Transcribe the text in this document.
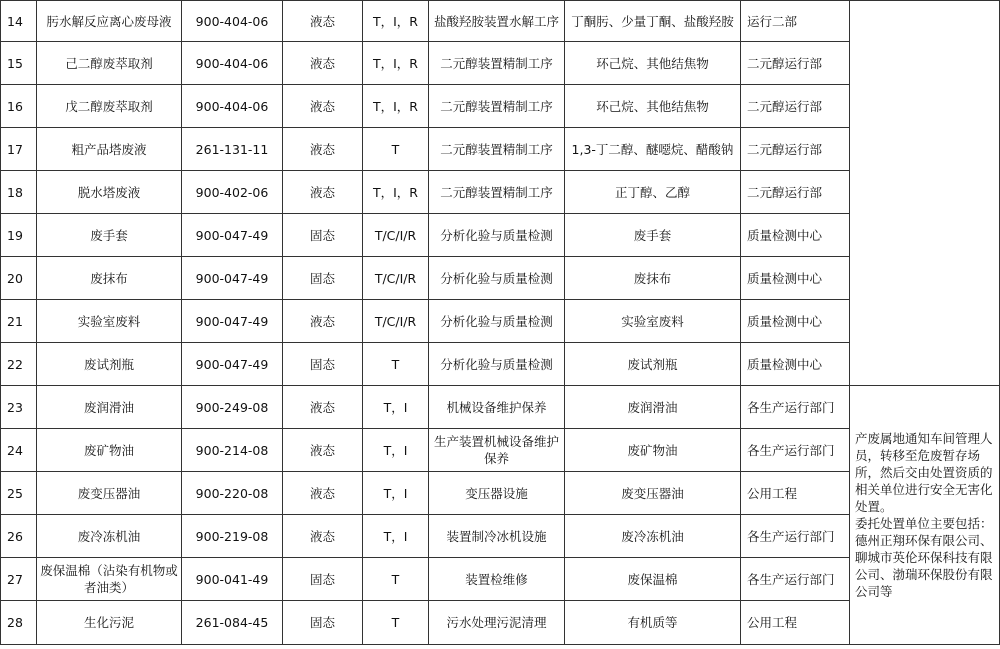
14	肟水解反应离心废母液	900-404-06	液态	T，I，R	盐酸羟胺装置水解工序	丁酮肟、少量丁酮、盐酸羟胺	运行二部	
15	己二醇废萃取剂	900-404-06	液态	T，I，R	二元醇装置精制工序	环己烷、其他结焦物	二元醇运行部	
16	戊二醇废萃取剂	900-404-06	液态	T，I，R	二元醇装置精制工序	环己烷、其他结焦物	二元醇运行部	
17	粗产品塔废液	261-131-11	液态	T	二元醇装置精制工序	1,3-丁二醇、醚噁烷、醋酸钠	二元醇运行部	
18	脱水塔废液	900-402-06	液态	T，I，R	二元醇装置精制工序	正丁醇、乙醇	二元醇运行部	
19	废手套	900-047-49	固态	T/C/I/R	分析化验与质量检测	废手套	质量检测中心	
20	废抹布	900-047-49	固态	T/C/I/R	分析化验与质量检测	废抹布	质量检测中心	
21	实验室废料	900-047-49	液态	T/C/I/R	分析化验与质量检测	实验室废料	质量检测中心	
22	废试剂瓶	900-047-49	固态	T	分析化验与质量检测	废试剂瓶	质量检测中心	
23	废润滑油	900-249-08	液态	T，I	机械设备维护保养	废润滑油	各生产运行部门	产废属地通知车间管理人员，转移至危废暂存场所，然后交由处置资质的相关单位进行安全无害化处置。
委托处置单位主要包括：德州正翔环保有限公司、聊城市英伦环保科技有限公司、渤瑞环保股份有限公司等

24	废矿物油	900-214-08	液态	T，I	生产装置机械设备维护保养	废矿物油	各生产运行部门	
25	废变压器油	900-220-08	液态	T，I	变压器设施	废变压器油	公用工程	
26	废冷冻机油	900-219-08	液态	T，I	装置制冷冰机设施	废冷冻机油	各生产运行部门	
27	废保温棉（沾染有机物或者油类）	900-041-49	固态	T	装置检维修	废保温棉	各生产运行部门	
28	生化污泥	261-084-45	固态	T	污水处理污泥清理	有机质等	公用工程	
